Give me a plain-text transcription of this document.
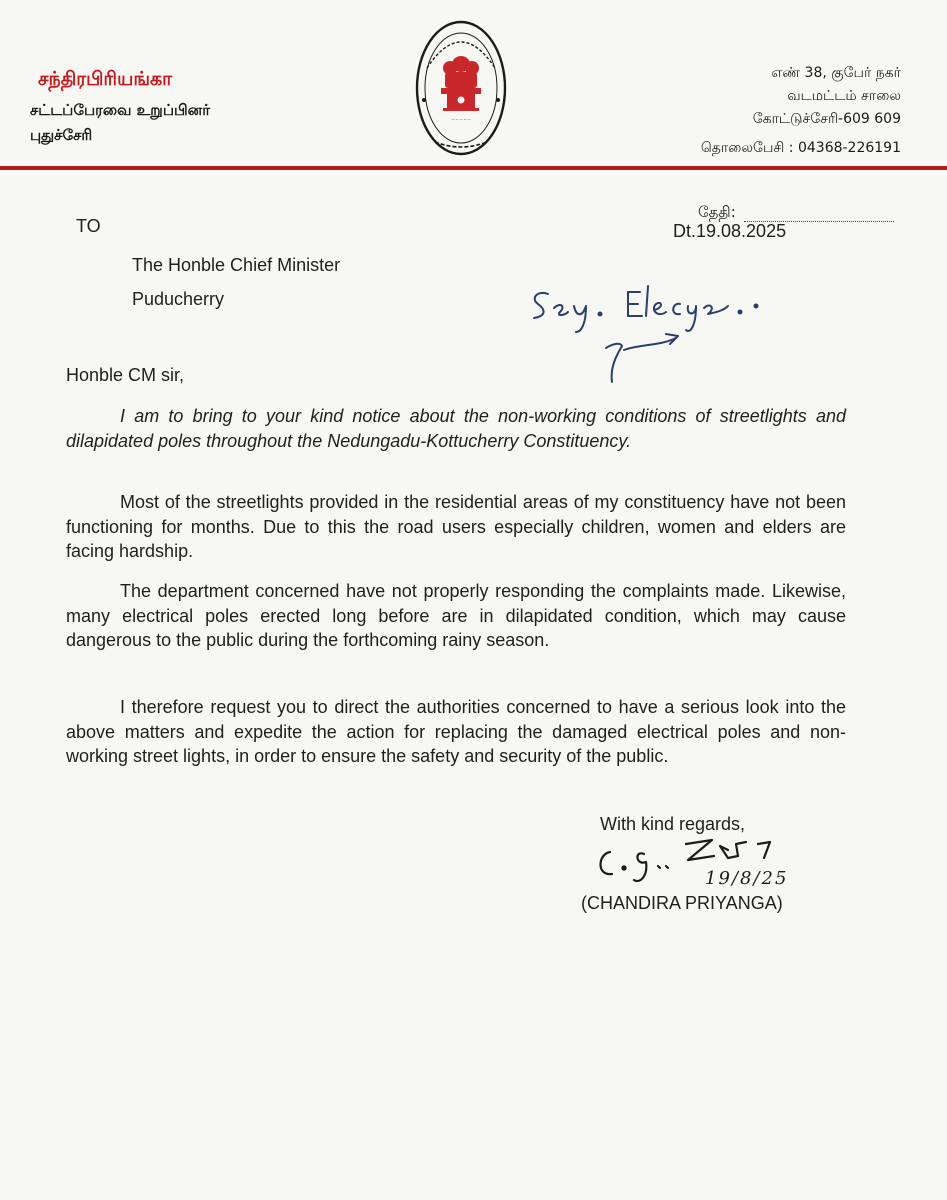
சந்திரபிரியங்கா
சட்டப்பேரவை உறுப்பினர்
புதுச்சேரி
_ _ _ _ _
எண் 38, குபேர் நகர்
வடமட்டம் சாலை
கோட்டுச்சேரி-609 609
தொலைபேசி : 04368-226191
TO
தேதி:
Dt.19.08.2025
The Honble Chief Minister
Puducherry
Honble CM sir,
I am to bring to your kind notice about the non-working conditions of streetlights and dilapidated poles throughout the Nedungadu-Kottucherry Constituency.
Most of the streetlights provided in the residential areas of my constituency have not been functioning for months. Due to this the road users especially children, women and elders are facing hardship.
The department concerned have not properly responding the complaints made. Likewise, many electrical poles erected long before are in dilapidated condition, which may cause dangerous to the public during the forthcoming rainy season.
I therefore request you to direct the authorities concerned to have a serious look into the above matters and expedite the action for replacing the damaged electrical poles and non-working street lights, in order to ensure the safety and security of the public.
With kind regards,
19/8/25
(CHANDIRA PRIYANGA)
